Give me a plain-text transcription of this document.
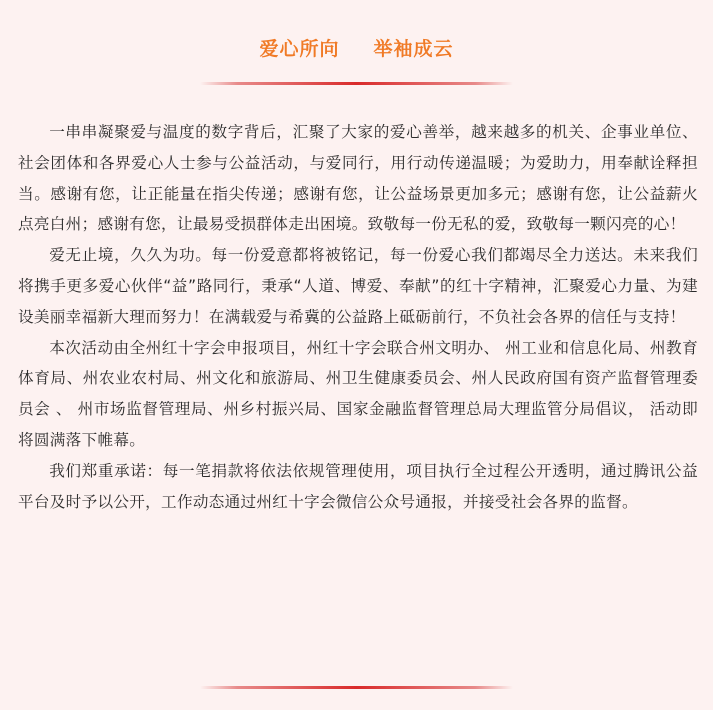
爱心所向 举袖成云

一串串凝聚爱与温度的数字背后，汇聚了大家的爱心善举，越来越多的机关、企事业单位、社会团体和各界爱心人士参与公益活动，与爱同行，用行动传递温暖；为爱助力，用奉献诠释担当。感谢有您，让正能量在指尖传递；感谢有您，让公益场景更加多元；感谢有您，让公益薪火点亮白州；感谢有您，让最易受损群体走出困境。致敬每一份无私的爱，致敬每一颗闪亮的心！

爱无止境，久久为功。每一份爱意都将被铭记，每一份爱心我们都竭尽全力送达。未来我们将携手更多爱心伙伴“益”路同行，秉承“人道、博爱、奉献”的红十字精神，汇聚爱心力量、为建设美丽幸福新大理而努力！在满载爱与希冀的公益路上砥砺前行，不负社会各界的信任与支持！

本次活动由全州红十字会申报项目，州红十字会联合州文明办、 州工业和信息化局、州教育体育局、州农业农村局、州文化和旅游局、州卫生健康委员会、州人民政府国有资产监督管理委员会 、 州市场监督管理局、州乡村振兴局、国家金融监督管理总局大理监管分局倡议， 活动即将圆满落下帷幕。

我们郑重承诺：每一笔捐款将依法依规管理使用，项目执行全过程公开透明，通过腾讯公益平台及时予以公开，工作动态通过州红十字会微信公众号通报，并接受社会各界的监督。
